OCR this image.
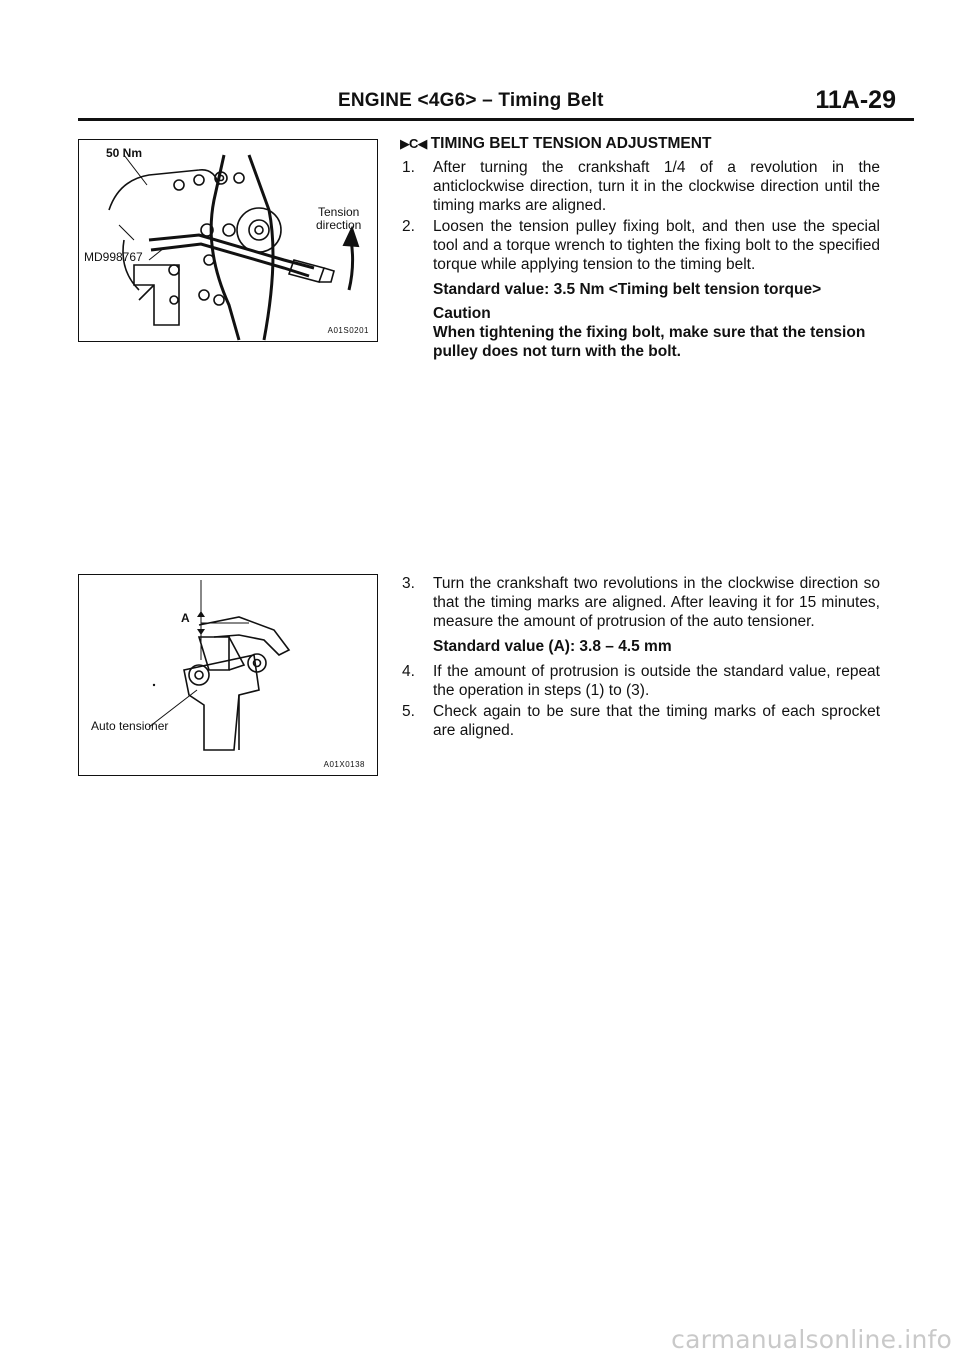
ENGINE <4G6> – Timing Belt	11A-29
50 Nm
MD998767
Tension
direction
A01S0201
▶C◀ TIMING BELT TENSION ADJUSTMENT
1. After turning the crankshaft 1/4 of a revolution in the anticlockwise direction, turn it in the clockwise direction until the timing marks are aligned.
2. Loosen the tension pulley fixing bolt, and then use the special tool and a torque wrench to tighten the fixing bolt to the specified torque while applying tension to the timing belt.
Standard value: 3.5 Nm <Timing belt tension torque>
Caution
When tightening the fixing bolt, make sure that the tension pulley does not turn with the bolt.
A
Auto tensioner
A01X0138
3. Turn the crankshaft two revolutions in the clockwise direction so that the timing marks are aligned. After leaving it for 15 minutes, measure the amount of protrusion of the auto tensioner.
Standard value (A): 3.8 – 4.5 mm
4. If the amount of protrusion is outside the standard value, repeat the operation in steps (1) to (3).
5. Check again to be sure that the timing marks of each sprocket are aligned.
carmanualsonline.info
